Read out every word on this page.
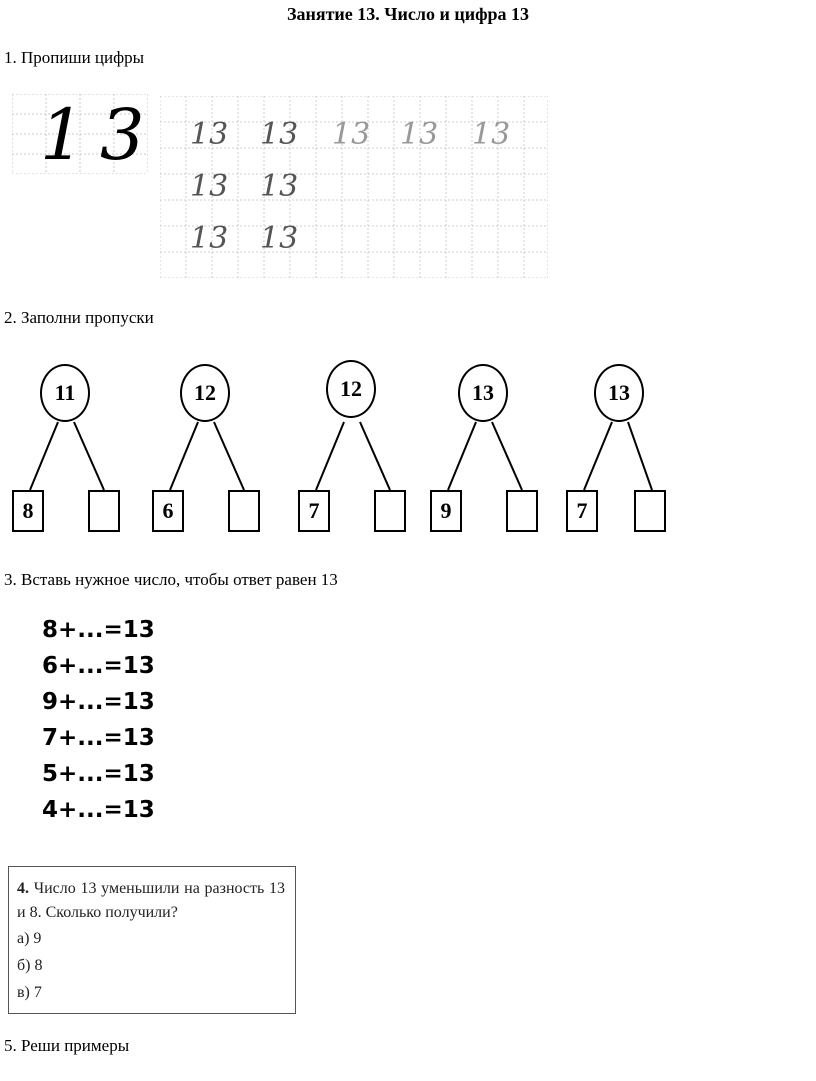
Занятие 13. Число и цифра 13
1. Пропиши цифры
1 3 13 13 13 13 13
13 13
13 13
2. Заполни пропуски
11
8
12
6
12
7
13
9
13
7
3. Вставь нужное число, чтобы ответ равен 13
8+...=13
6+...=13
9+...=13
7+...=13
5+...=13
4+...=13
4. Число 13 уменьшили на разность 13 и 8. Сколько получили?
а) 9
б) 8
в) 7
5. Реши примеры
